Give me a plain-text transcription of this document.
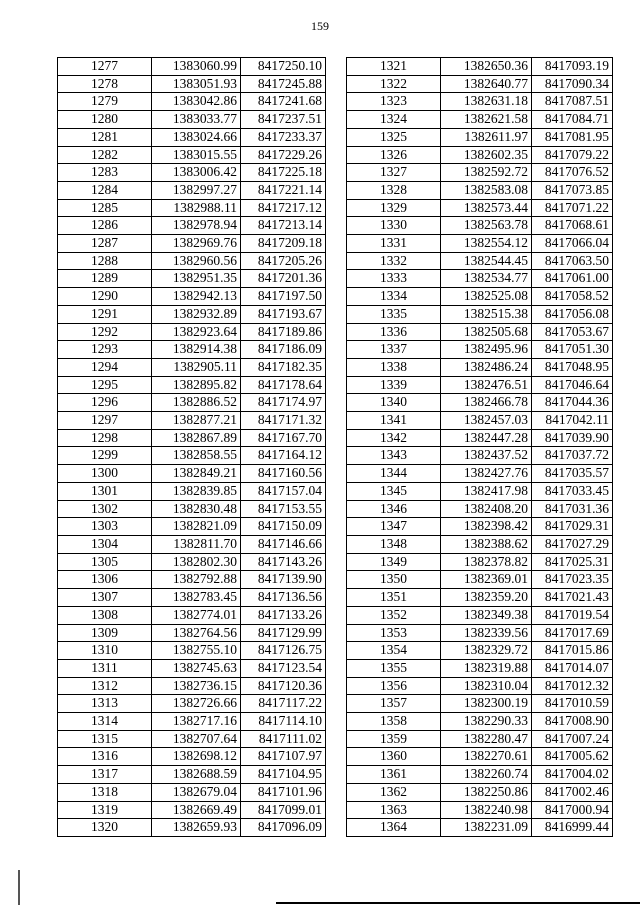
159
1277	1383060.99	8417250.10
1278	1383051.93	8417245.88
1279	1383042.86	8417241.68
1280	1383033.77	8417237.51
1281	1383024.66	8417233.37
1282	1383015.55	8417229.26
1283	1383006.42	8417225.18
1284	1382997.27	8417221.14
1285	1382988.11	8417217.12
1286	1382978.94	8417213.14
1287	1382969.76	8417209.18
1288	1382960.56	8417205.26
1289	1382951.35	8417201.36
1290	1382942.13	8417197.50
1291	1382932.89	8417193.67
1292	1382923.64	8417189.86
1293	1382914.38	8417186.09
1294	1382905.11	8417182.35
1295	1382895.82	8417178.64
1296	1382886.52	8417174.97
1297	1382877.21	8417171.32
1298	1382867.89	8417167.70
1299	1382858.55	8417164.12
1300	1382849.21	8417160.56
1301	1382839.85	8417157.04
1302	1382830.48	8417153.55
1303	1382821.09	8417150.09
1304	1382811.70	8417146.66
1305	1382802.30	8417143.26
1306	1382792.88	8417139.90
1307	1382783.45	8417136.56
1308	1382774.01	8417133.26
1309	1382764.56	8417129.99
1310	1382755.10	8417126.75
1311	1382745.63	8417123.54
1312	1382736.15	8417120.36
1313	1382726.66	8417117.22
1314	1382717.16	8417114.10
1315	1382707.64	8417111.02
1316	1382698.12	8417107.97
1317	1382688.59	8417104.95
1318	1382679.04	8417101.96
1319	1382669.49	8417099.01
1320	1382659.93	8417096.09
1321	1382650.36	8417093.19
1322	1382640.77	8417090.34
1323	1382631.18	8417087.51
1324	1382621.58	8417084.71
1325	1382611.97	8417081.95
1326	1382602.35	8417079.22
1327	1382592.72	8417076.52
1328	1382583.08	8417073.85
1329	1382573.44	8417071.22
1330	1382563.78	8417068.61
1331	1382554.12	8417066.04
1332	1382544.45	8417063.50
1333	1382534.77	8417061.00
1334	1382525.08	8417058.52
1335	1382515.38	8417056.08
1336	1382505.68	8417053.67
1337	1382495.96	8417051.30
1338	1382486.24	8417048.95
1339	1382476.51	8417046.64
1340	1382466.78	8417044.36
1341	1382457.03	8417042.11
1342	1382447.28	8417039.90
1343	1382437.52	8417037.72
1344	1382427.76	8417035.57
1345	1382417.98	8417033.45
1346	1382408.20	8417031.36
1347	1382398.42	8417029.31
1348	1382388.62	8417027.29
1349	1382378.82	8417025.31
1350	1382369.01	8417023.35
1351	1382359.20	8417021.43
1352	1382349.38	8417019.54
1353	1382339.56	8417017.69
1354	1382329.72	8417015.86
1355	1382319.88	8417014.07
1356	1382310.04	8417012.32
1357	1382300.19	8417010.59
1358	1382290.33	8417008.90
1359	1382280.47	8417007.24
1360	1382270.61	8417005.62
1361	1382260.74	8417004.02
1362	1382250.86	8417002.46
1363	1382240.98	8417000.94
1364	1382231.09	8416999.44
